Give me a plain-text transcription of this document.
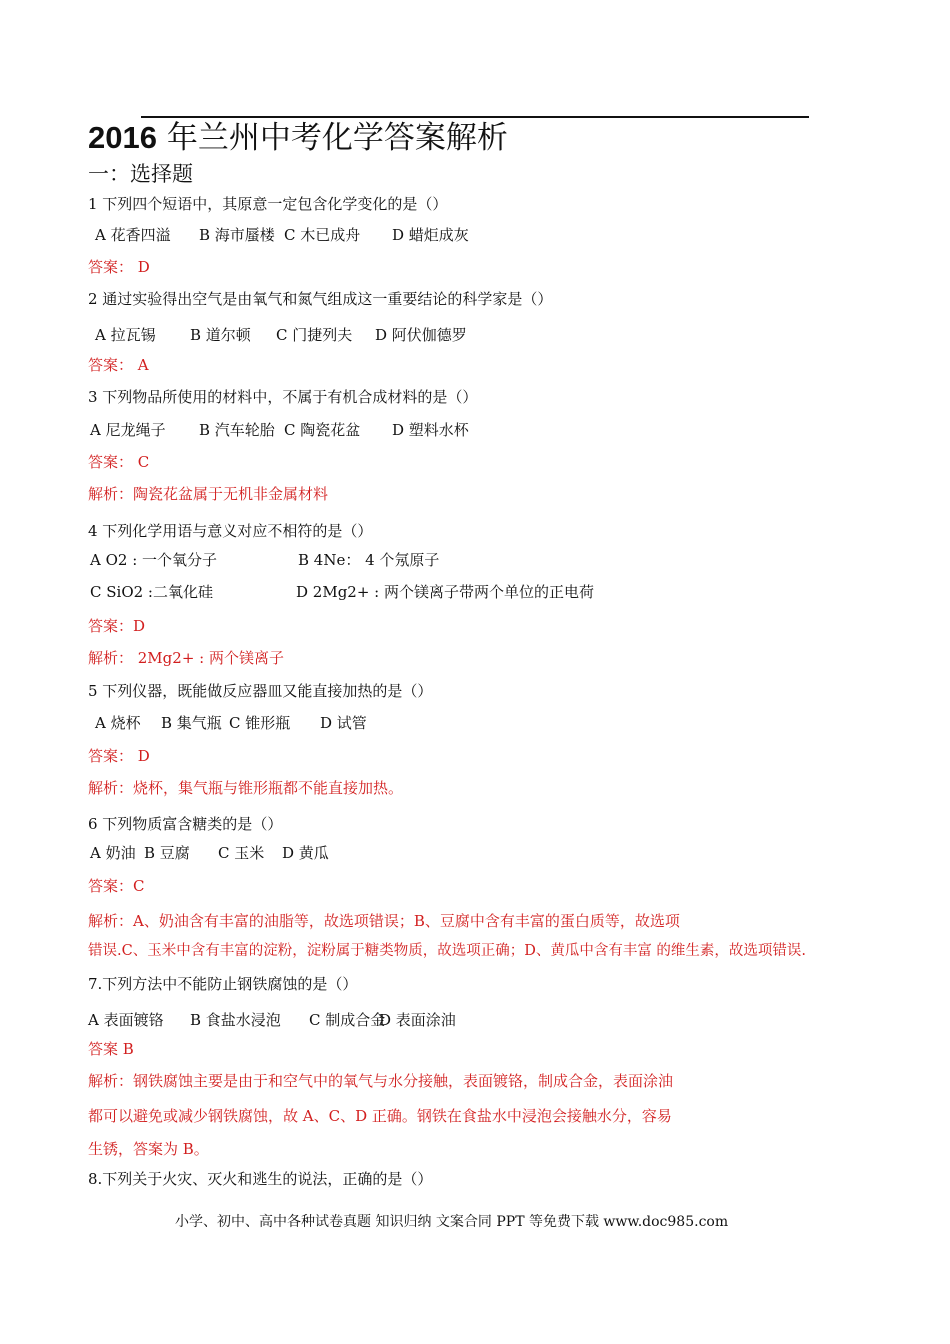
2016 年兰州中考化学答案解析
一：选择题
1 下列四个短语中，其原意一定包含化学变化的是（）
A 花香四溢 B 海市蜃楼 C 木已成舟 D 蜡炬成灰
答案： D
2 通过实验得出空气是由氧气和氮气组成这一重要结论的科学家是（）
A 拉瓦锡 B 道尔顿 C 门捷列夫 D 阿伏伽德罗
答案： A
3 下列物品所使用的材料中，不属于有机合成材料的是（）
A 尼龙绳子 B 汽车轮胎 C 陶瓷花盆 D 塑料水杯
答案： C
解析：陶瓷花盆属于无机非金属材料
4 下列化学用语与意义对应不相符的是（）
A O2 : 一个氧分子	B 4Ne： 4 个氖原子
C SiO2 :二氧化硅	D 2Mg2+ : 两个镁离子带两个单位的正电荷
答案：D
解析： 2Mg2+ : 两个镁离子
5 下列仪器，既能做反应器皿又能直接加热的是（）
A 烧杯 B 集气瓶 C 锥形瓶 D 试管
答案： D
解析：烧杯，集气瓶与锥形瓶都不能直接加热。
6 下列物质富含糖类的是（）
A 奶油 B 豆腐 C 玉米 D 黄瓜
答案：C
解析：A、奶油含有丰富的油脂等，故选项错误；B、豆腐中含有丰富的蛋白质等，故选项
错误.C、玉米中含有丰富的淀粉，淀粉属于糖类物质，故选项正确；D、黄瓜中含有丰富 的维生素，故选项错误.
7.下列方法中不能防止钢铁腐蚀的是（）
A 表面镀铬 B 食盐水浸泡 C 制成合金
D 表面涂油
答案 B
解析：钢铁腐蚀主要是由于和空气中的氧气与水分接触，表面镀铬，制成合金，表面涂油
都可以避免或减少钢铁腐蚀，故 A、C、D 正确。钢铁在食盐水中浸泡会接触水分，容易
生锈，答案为 B。
8.下列关于火灾、灭火和逃生的说法，正确的是（）
小学、初中、高中各种试卷真题 知识归纳 文案合同 PPT 等免费下载 www.doc985.com
